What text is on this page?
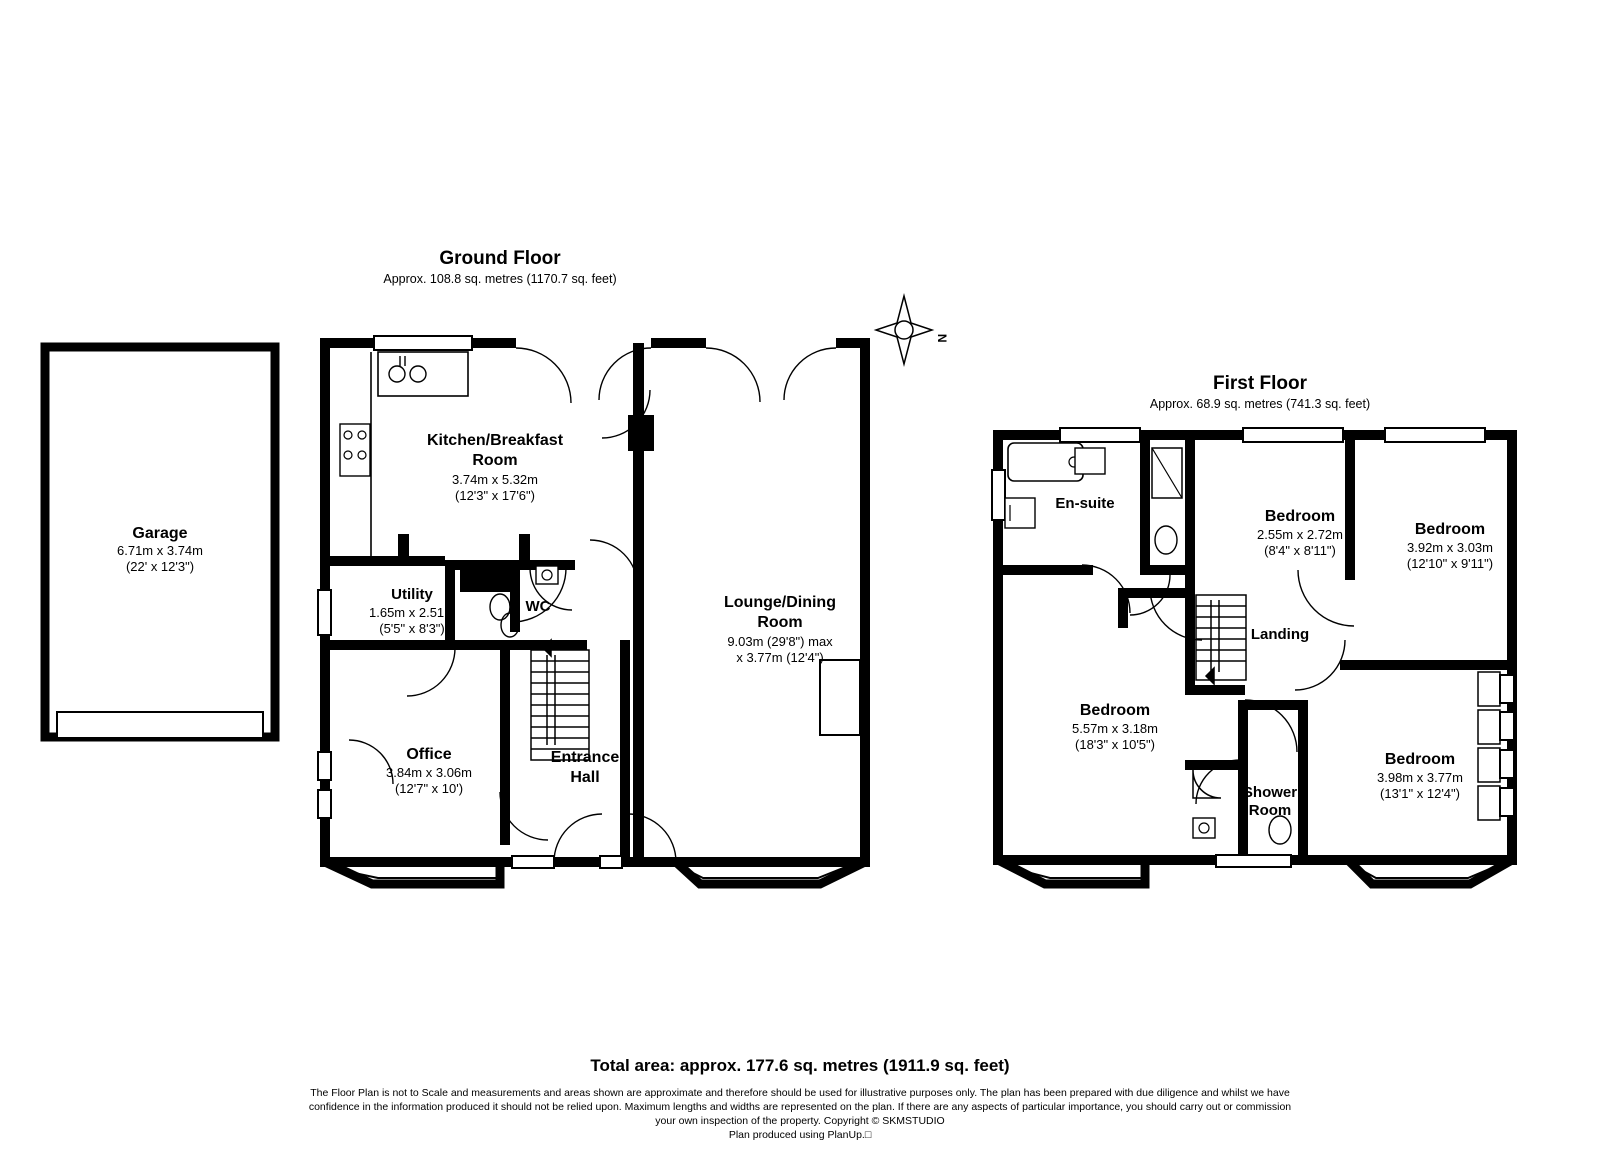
Ground Floor
Approx. 108.8 sq. metres (1170.7 sq. feet)
First Floor
Approx. 68.9 sq. metres (741.3 sq. feet)
Garage
6.71m x 3.74m
(22' x 12'3")
Kitchen/Breakfast
Room
3.74m x 5.32m
(12'3" x 17'6")
Utility
1.65m x 2.51m
(5'5" x 8'3")
WC	Lounge/Dining
Room
9.03m (29'8") max
x 3.77m (12'4")
Office
3.84m x 3.06m
(12'7" x 10')
Entrance
Hall
N
En-suite
Bedroom
2.55m x 2.72m
(8'4" x 8'11")
Bedroom
3.92m x 3.03m
(12'10" x 9'11")
Landing
Bedroom
5.57m x 3.18m
(18'3" x 10'5")
Bedroom
3.98m x 3.77m
(13'1" x 12'4")
Shower
Room
Total area: approx. 177.6 sq. metres (1911.9 sq. feet)
The Floor Plan is not to Scale and measurements and areas shown are approximate and therefore should be used for illustrative purposes only. The plan has been prepared with due diligence and whilst we have
confidence in the information produced it should not be relied upon. Maximum lengths and widths are represented on the plan. If there are any aspects of particular importance, you should carry out or commission
your own inspection of the property. Copyright © SKMSTUDIO
Plan produced using PlanUp.□
